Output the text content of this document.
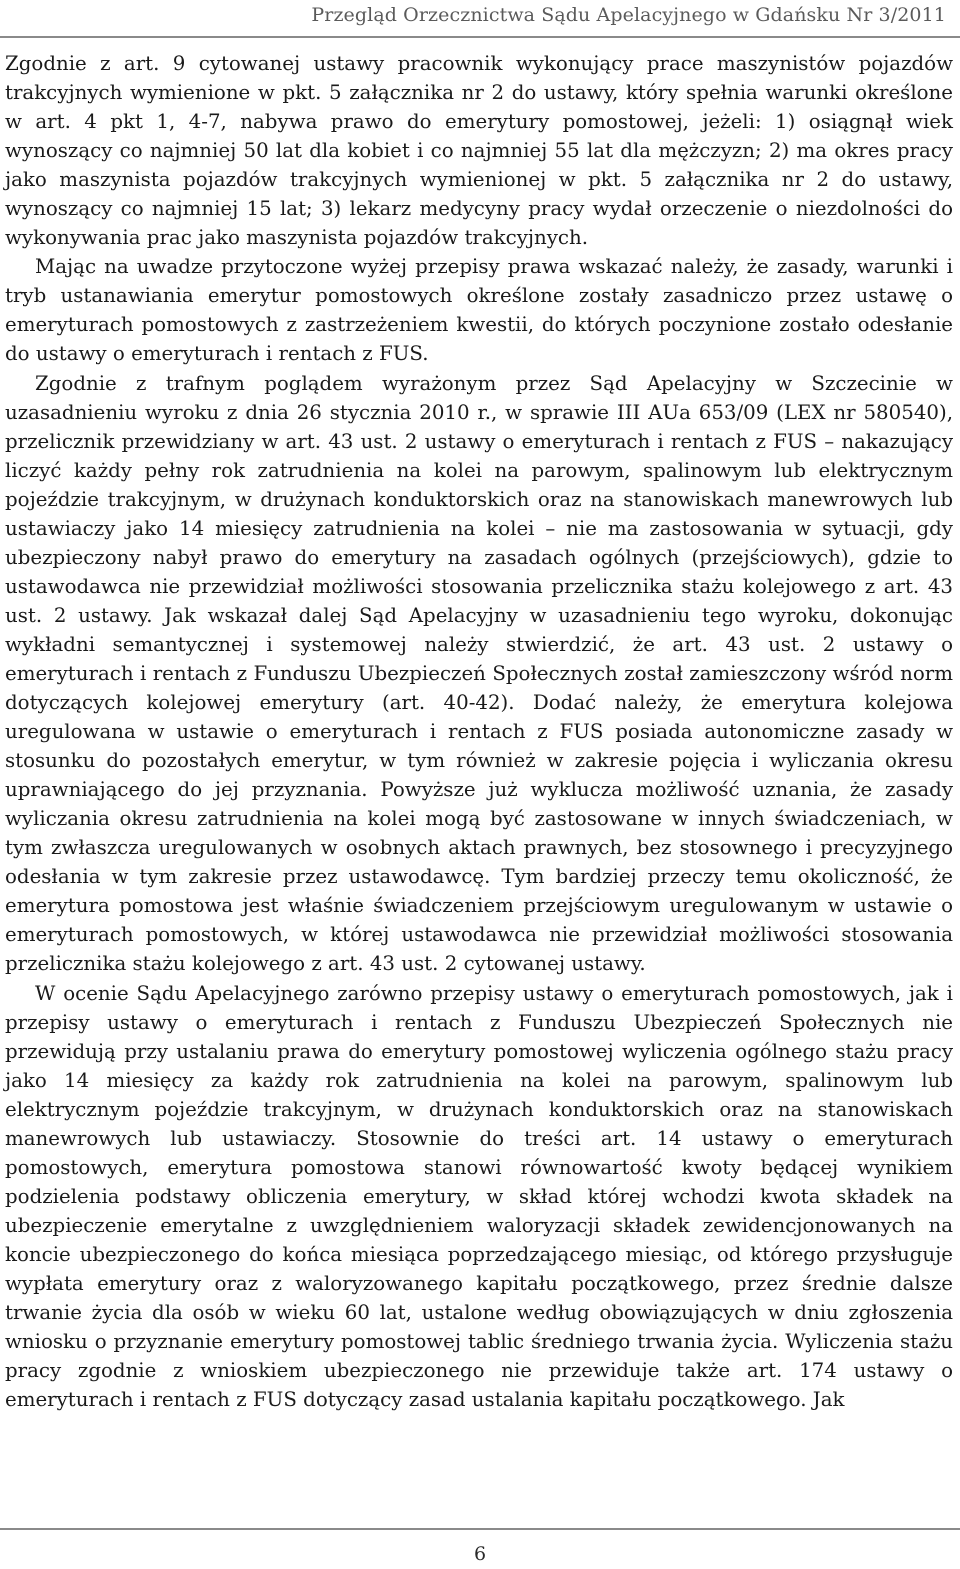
Przegląd Orzecznictwa Sądu Apelacyjnego w Gdańsku Nr 3/2011

Zgodnie z art. 9 cytowanej ustawy pracownik wykonujący prace maszynistów pojazdów trakcyjnych wymienione w pkt. 5 załącznika nr 2 do ustawy, który spełnia warunki określone w art. 4 pkt 1, 4-7, nabywa prawo do emerytury pomostowej, jeżeli: 1) osiągnął wiek wynoszący co najmniej 50 lat dla kobiet i co najmniej 55 lat dla mężczyzn; 2) ma okres pracy jako maszynista pojazdów trakcyjnych wymienionej w pkt. 5 załącznika nr 2 do ustawy, wynoszący co najmniej 15 lat; 3) lekarz medycyny pracy wydał orzeczenie o niezdolności do wykonywania prac jako maszynista pojazdów trakcyjnych.

Mając na uwadze przytoczone wyżej przepisy prawa wskazać należy, że zasady, warunki i tryb ustanawiania emerytur pomostowych określone zostały zasadniczo przez ustawę o emeryturach pomostowych z zastrzeżeniem kwestii, do których poczynione zostało odesłanie do ustawy o emeryturach i rentach z FUS.

Zgodnie z trafnym poglądem wyrażonym przez Sąd Apelacyjny w Szczecinie w uzasadnieniu wyroku z dnia 26 stycznia 2010 r., w sprawie III AUa 653/09 (LEX nr 580540), przelicznik przewidziany w art. 43 ust. 2 ustawy o emeryturach i rentach z FUS – nakazujący liczyć każdy pełny rok zatrudnienia na kolei na parowym, spalinowym lub elektrycznym pojeździe trakcyjnym, w drużynach konduktorskich oraz na stanowiskach manewrowych lub ustawiaczy jako 14 miesięcy zatrudnienia na kolei – nie ma zastosowania w sytuacji, gdy ubezpieczony nabył prawo do emerytury na zasadach ogólnych (przejściowych), gdzie to ustawodawca nie przewidział możliwości stosowania przelicznika stażu kolejowego z art. 43 ust. 2 ustawy. Jak wskazał dalej Sąd Apelacyjny w uzasadnieniu tego wyroku, dokonując wykładni semantycznej i systemowej należy stwierdzić, że art. 43 ust. 2 ustawy o emeryturach i rentach z Funduszu Ubezpieczeń Społecznych został zamieszczony wśród norm dotyczących kolejowej emerytury (art. 40-42). Dodać należy, że emerytura kolejowa uregulowana w ustawie o emeryturach i rentach z FUS posiada autonomiczne zasady w stosunku do pozostałych emerytur, w tym również w zakresie pojęcia i wyliczania okresu uprawniającego do jej przyznania. Powyższe już wyklucza możliwość uznania, że zasady wyliczania okresu zatrudnienia na kolei mogą być zastosowane w innych świadczeniach, w tym zwłaszcza uregulowanych w osobnych aktach prawnych, bez stosownego i precyzyjnego odesłania w tym zakresie przez ustawodawcę. Tym bardziej przeczy temu okoliczność, że emerytura pomostowa jest właśnie świadczeniem przejściowym uregulowanym w ustawie o emeryturach pomostowych, w której ustawodawca nie przewidział możliwości stosowania przelicznika stażu kolejowego z art. 43 ust. 2 cytowanej ustawy.

W ocenie Sądu Apelacyjnego zarówno przepisy ustawy o emeryturach pomostowych, jak i przepisy ustawy o emeryturach i rentach z Funduszu Ubezpieczeń Społecznych nie przewidują przy ustalaniu prawa do emerytury pomostowej wyliczenia ogólnego stażu pracy jako 14 miesięcy za każdy rok zatrudnienia na kolei na parowym, spalinowym lub elektrycznym pojeździe trakcyjnym, w drużynach konduktorskich oraz na stanowiskach manewrowych lub ustawiaczy. Stosownie do treści art. 14 ustawy o emeryturach pomostowych, emerytura pomostowa stanowi równowartość kwoty będącej wynikiem podzielenia podstawy obliczenia emerytury, w skład której wchodzi kwota składek na ubezpieczenie emerytalne z uwzględnieniem waloryzacji składek zewidencjonowanych na koncie ubezpieczonego do końca miesiąca poprzedzającego miesiąc, od którego przysługuje wypłata emerytury oraz z waloryzowanego kapitału początkowego, przez średnie dalsze trwanie życia dla osób w wieku 60 lat, ustalone według obowiązujących w dniu zgłoszenia wniosku o przyznanie emerytury pomostowej tablic średniego trwania życia. Wyliczenia stażu pracy zgodnie z wnioskiem ubezpieczonego nie przewiduje także art. 174 ustawy o emeryturach i rentach z FUS dotyczący zasad ustalania kapitału początkowego. Jak

6
